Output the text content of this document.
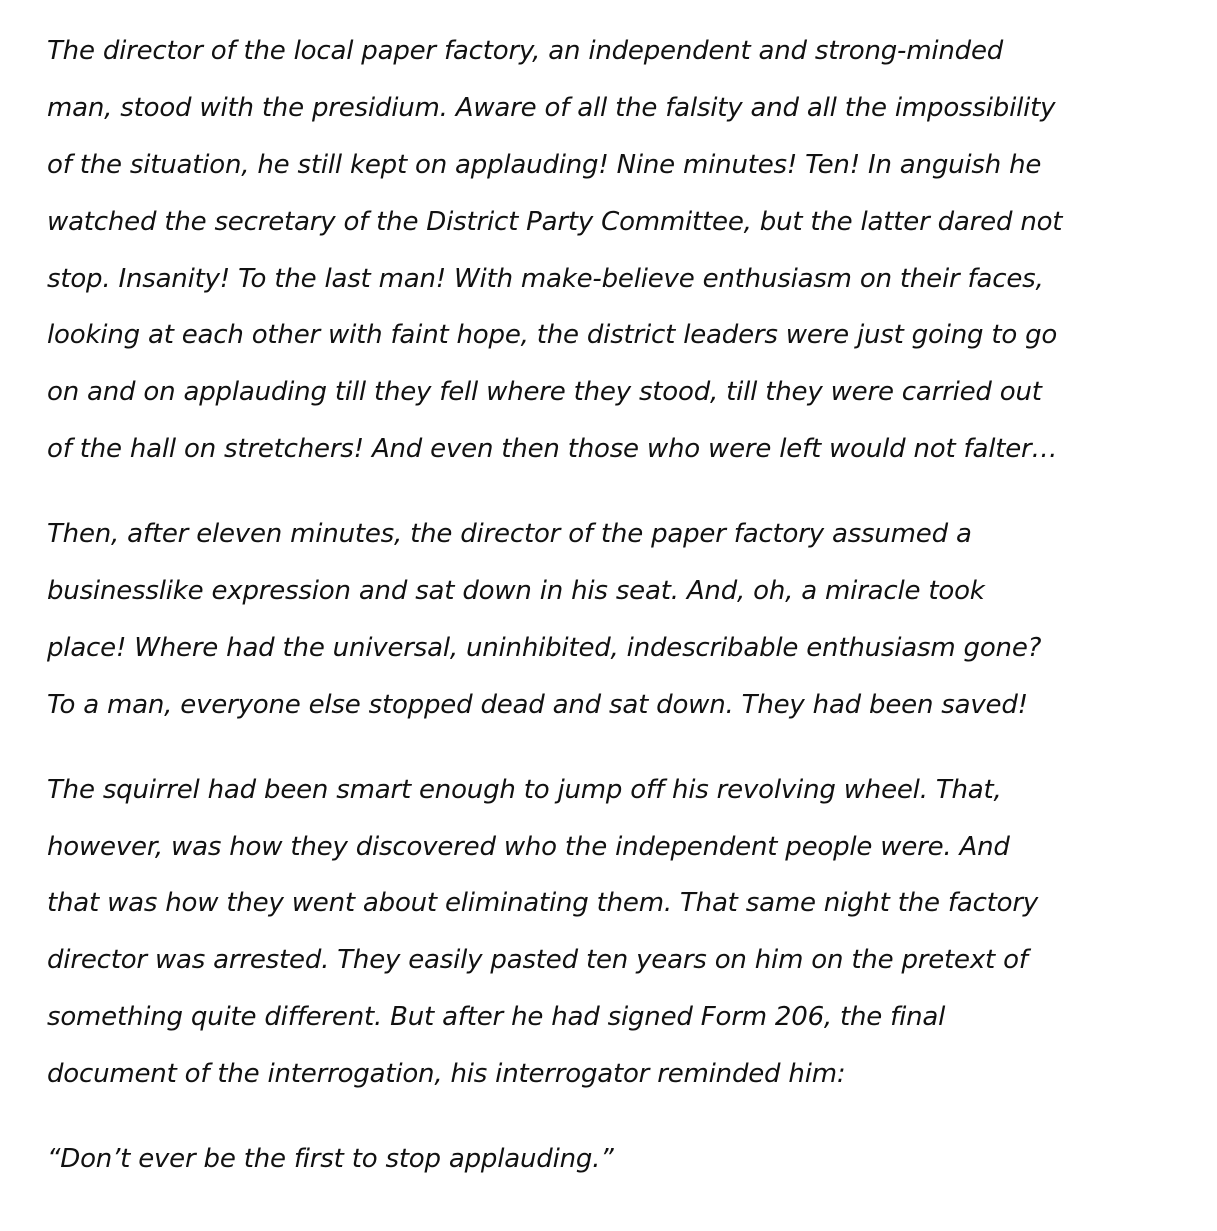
The director of the local paper factory, an independent and strong-minded
man, stood with the presidium. Aware of all the falsity and all the impossibility
of the situation, he still kept on applauding! Nine minutes! Ten! In anguish he
watched the secretary of the District Party Committee, but the latter dared not
stop. Insanity! To the last man! With make-believe enthusiasm on their faces,
looking at each other with faint hope, the district leaders were just going to go
on and on applauding till they fell where they stood, till they were carried out
of the hall on stretchers! And even then those who were left would not falter…

Then, after eleven minutes, the director of the paper factory assumed a
businesslike expression and sat down in his seat. And, oh, a miracle took
place! Where had the universal, uninhibited, indescribable enthusiasm gone?
To a man, everyone else stopped dead and sat down. They had been saved!

The squirrel had been smart enough to jump off his revolving wheel. That,
however, was how they discovered who the independent people were. And
that was how they went about eliminating them. That same night the factory
director was arrested. They easily pasted ten years on him on the pretext of
something quite different. But after he had signed Form 206, the final
document of the interrogation, his interrogator reminded him:

“Don’t ever be the first to stop applauding.”
